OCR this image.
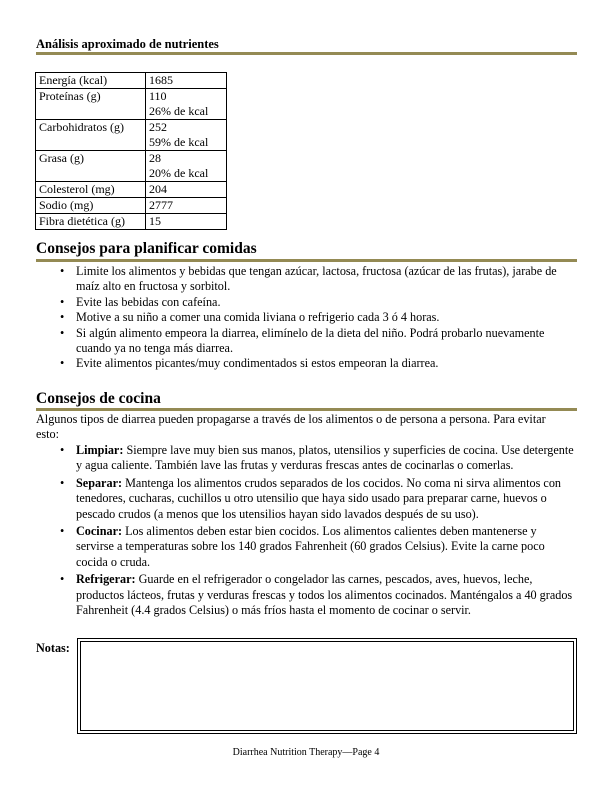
Análisis aproximado de nutrientes
Energía (kcal)	1685

Proteínas (g)	110
26% de kcal

Carbohidratos (g)	252
59% de kcal

Grasa (g)	28
20% de kcal

Colesterol (mg)	204

Sodio (mg)	2777

Fibra dietética (g)	15
Consejos para planificar comidas
• Limite los alimentos y bebidas que tengan azúcar, lactosa, fructosa (azúcar de las frutas), jarabe de maíz alto en fructosa y sorbitol.
• Evite las bebidas con cafeína.
• Motive a su niño a comer una comida liviana o refrigerio cada 3 ó 4 horas.
• Si algún alimento empeora la diarrea, elimínelo de la dieta del niño. Podrá probarlo nuevamente cuando ya no tenga más diarrea.
• Evite alimentos picantes/muy condimentados si estos empeoran la diarrea.
Consejos de cocina
Algunos tipos de diarrea pueden propagarse a través de los alimentos o de persona a persona. Para evitar esto:
• Limpiar: Siempre lave muy bien sus manos, platos, utensilios y superficies de cocina. Use detergente y agua caliente. También lave las frutas y verduras frescas antes de cocinarlas o comerlas.
• Separar: Mantenga los alimentos crudos separados de los cocidos. No coma ni sirva alimentos con tenedores, cucharas, cuchillos u otro utensilio que haya sido usado para preparar carne, huevos o pescado crudos (a menos que los utensilios hayan sido lavados después de su uso).
• Cocinar: Los alimentos deben estar bien cocidos. Los alimentos calientes deben mantenerse y servirse a temperaturas sobre los 140 grados Fahrenheit (60 grados Celsius). Evite la carne poco cocida o cruda.
• Refrigerar: Guarde en el refrigerador o congelador las carnes, pescados, aves, huevos, leche, productos lácteos, frutas y verduras frescas y todos los alimentos cocinados. Manténgalos a 40 grados Fahrenheit (4.4 grados Celsius) o más fríos hasta el momento de cocinar o servir.
Notas:
Diarrhea Nutrition Therapy—Page 4
